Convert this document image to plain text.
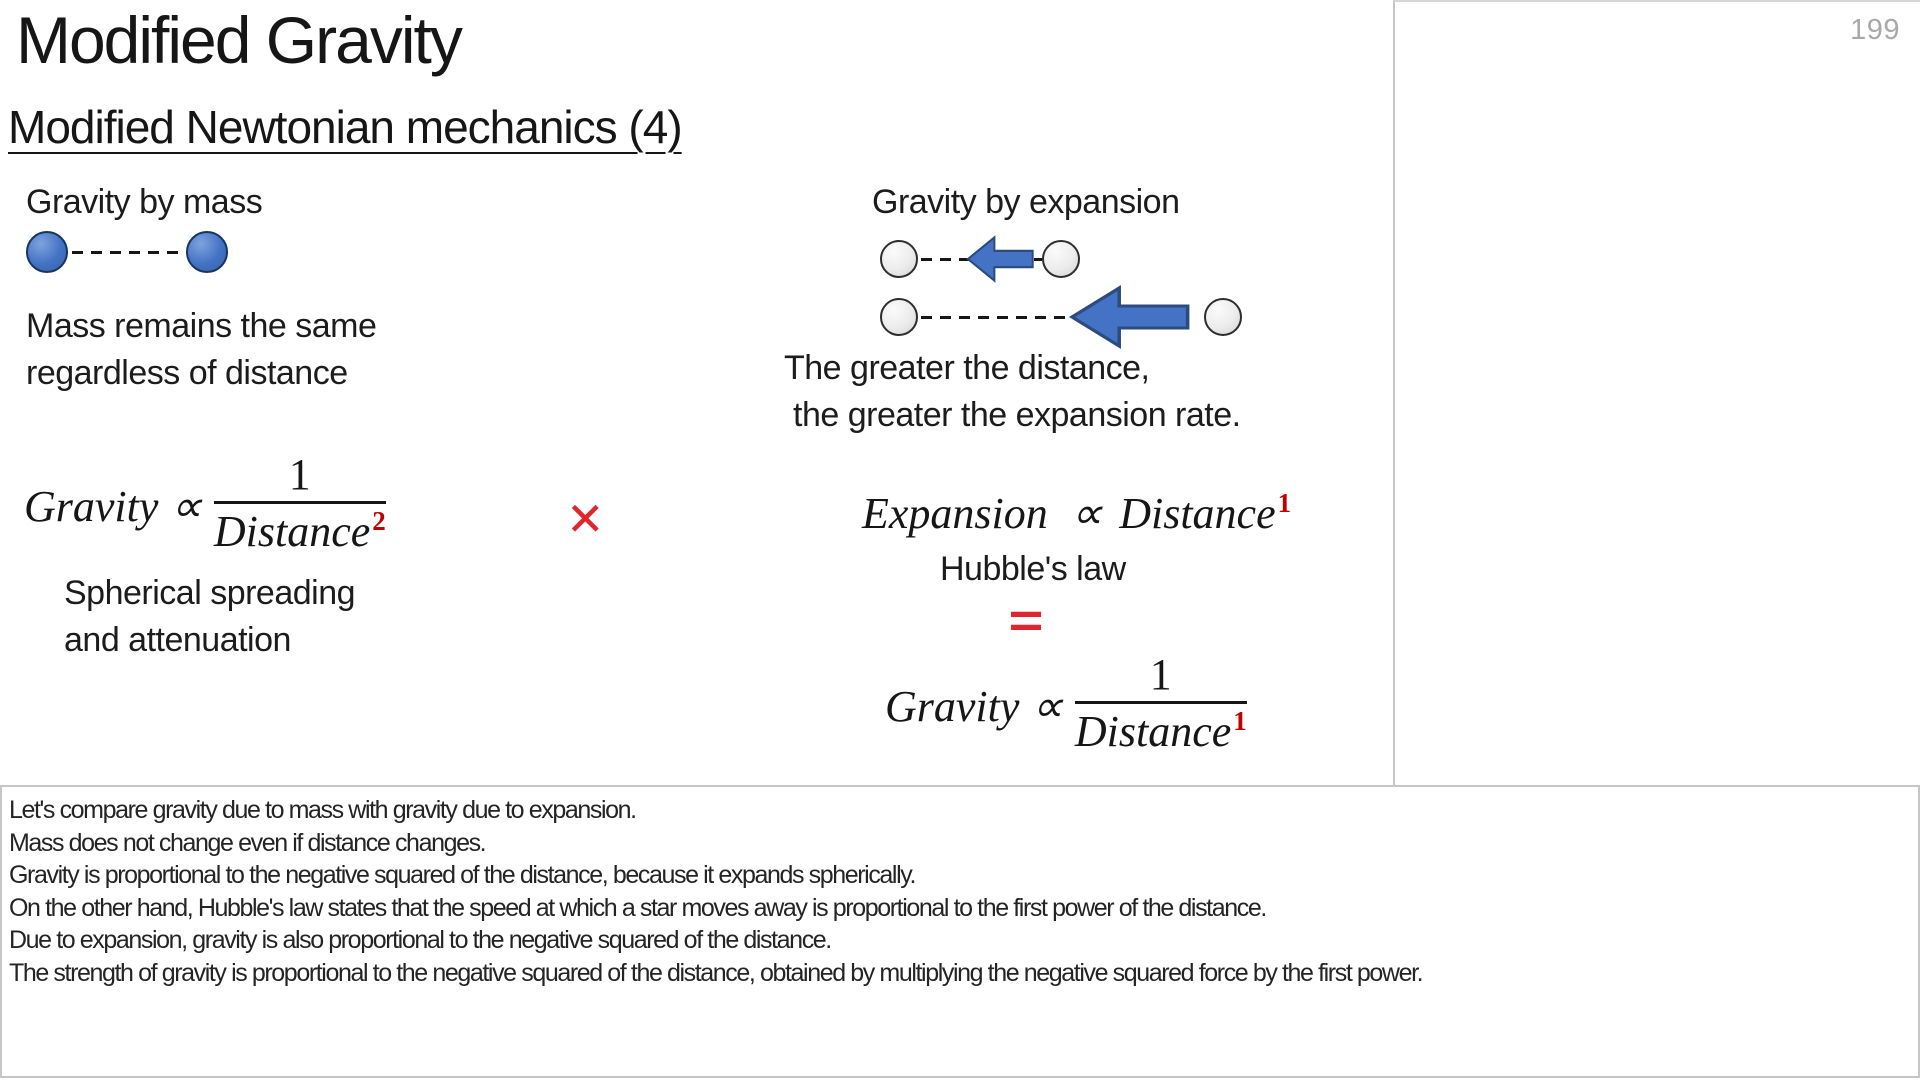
Modified Gravity
Modified Newtonian mechanics (4)
Gravity by mass
Mass remains the same
regardless of distance
Gravity ∝ $\frac{1}{Distance^2}$
Spherical spreading
and attenuation
✕
Gravity by expansion
The greater the distance,
the greater the expansion rate.
Expansion ∝ Distance$^1$
Hubble's law
=
Gravity ∝ $\frac{1}{Distance^1}$
199
Let's compare gravity due to mass with gravity due to expansion.
Mass does not change even if distance changes.
Gravity is proportional to the negative squared of the distance, because it expands spherically.
On the other hand, Hubble's law states that the speed at which a star moves away is proportional to the first power of the distance.
Due to expansion, gravity is also proportional to the negative squared of the distance.
The strength of gravity is proportional to the negative squared of the distance, obtained by multiplying the negative squared force by the first power.
